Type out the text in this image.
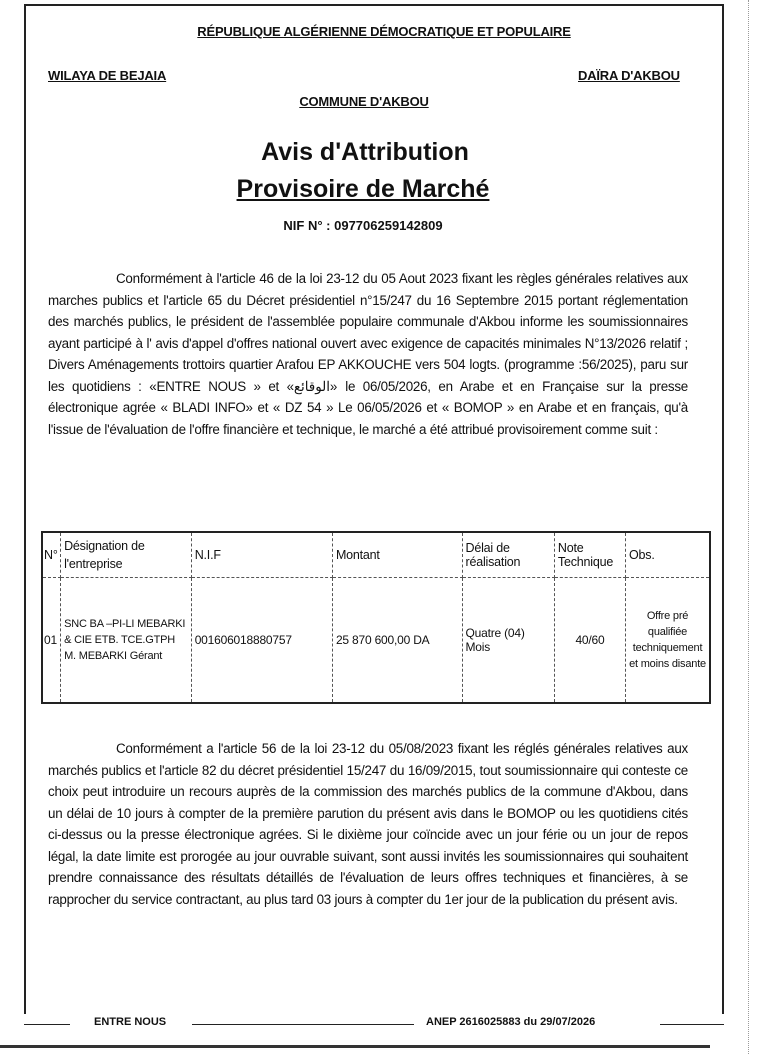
RÉPUBLIQUE ALGÉRIENNE DÉMOCRATIQUE ET POPULAIRE
WILAYA DE BEJAIA	DAÏRA D'AKBOU
COMMUNE D'AKBOU
Avis d'Attribution
Provisoire de Marché
NIF N° : 097706259142809

Conformément à l'article 46 de la loi 23-12 du 05 Aout 2023 fixant les règles générales relatives aux marches publics et l'article 65 du Décret présidentiel n°15/247 du 16 Septembre 2015 portant réglementation des marchés publics, le président de l'assemblée populaire communale d'Akbou informe les soumissionnaires ayant participé à l' avis d'appel d'offres national ouvert avec exigence de capacités minimales N°13/2026 relatif ; Divers Aménagements trottoirs quartier Arafou EP AKKOUCHE vers 504 logts. (programme :56/2025), paru sur les quotidiens : «ENTRE NOUS » et «الوقائع» le 06/05/2026, en Arabe et en Française sur la presse électronique agrée « BLADI INFO» et « DZ 54 » Le 06/05/2026 et « BOMOP » en Arabe et en français, qu'à l'issue de l'évaluation de l'offre financière et technique, le marché a été attribué provisoirement comme suit :

N°	Désignation de l'entreprise	N.I.F	Montant	Délai de réalisation	Note Technique	Obs.
01	SNC BA –PI-LI MEBARKI & CIE ETB. TCE.GTPH M. MEBARKI Gérant	001606018880757	25 870 600,00 DA	Quatre (04) Mois	40/60	Offre pré qualifiée techniquement et moins disante

Conformément a l'article 56 de la loi 23-12 du 05/08/2023 fixant les réglés générales relatives aux marchés publics et l'article 82 du décret présidentiel 15/247 du 16/09/2015, tout soumissionnaire qui conteste ce choix peut introduire un recours auprès de la commission des marchés publics de la commune d'Akbou, dans un délai de 10 jours à compter de la première parution du présent avis dans le BOMOP ou les quotidiens cités ci-dessus ou la presse électronique agrées. Si le dixième jour coïncide avec un jour férie ou un jour de repos légal, la date limite est prorogée au jour ouvrable suivant, sont aussi invités les soumissionnaires qui souhaitent prendre connaissance des résultats détaillés de l'évaluation de leurs offres techniques et financières, à se rapprocher du service contractant, au plus tard 03 jours à compter du 1er jour de la publication du présent avis.

ENTRE NOUS	ANEP 2616025883 du 29/07/2026
